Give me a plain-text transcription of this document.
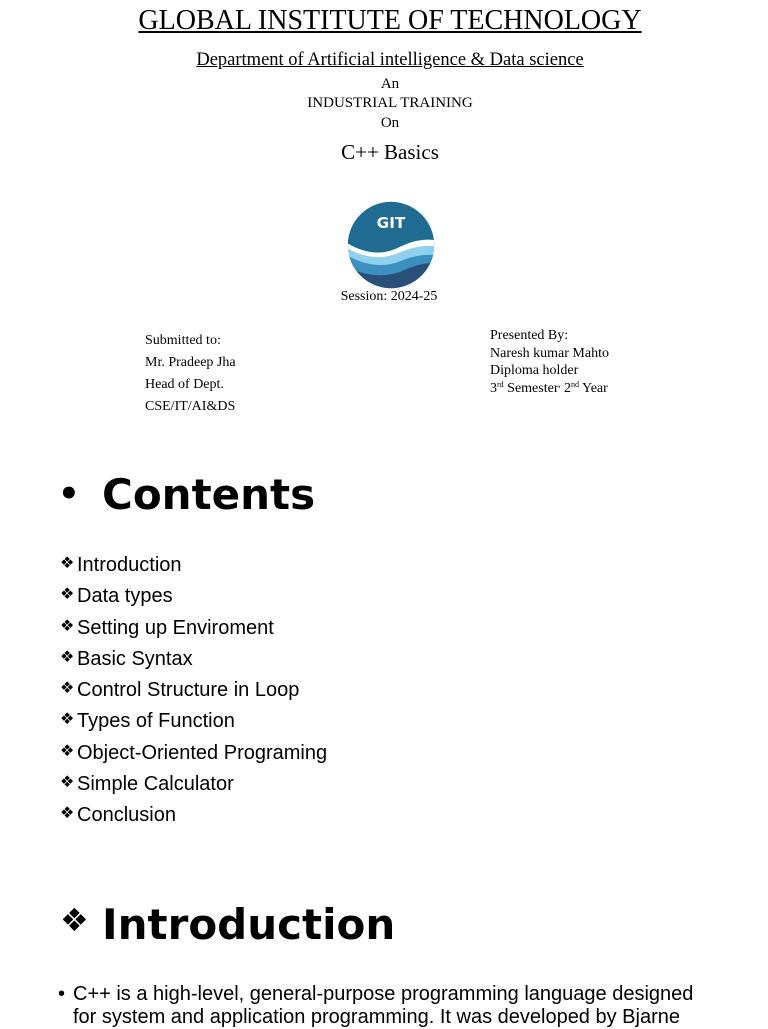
GLOBAL INSTITUTE OF TECHNOLOGY
Department of Artificial intelligence & Data science
An
INDUSTRIAL TRAINING
On
C++ Basics
GIT
Session: 2024-25
Submitted to:
Mr. Pradeep Jha
Head of Dept.
CSE/IT/AI&DS
Presented By:
Naresh kumar Mahto
Diploma holder
3rd Semester, 2nd Year
• Contents
❖ Introduction
❖ Data types
❖ Setting up Enviroment
❖ Basic Syntax
❖ Control Structure in Loop
❖ Types of Function
❖ Object-Oriented Programing
❖ Simple Calculator
❖ Conclusion
❖ Introduction
• C++ is a high-level, general-purpose programming language designed for system and application programming. It was developed by Bjarne
